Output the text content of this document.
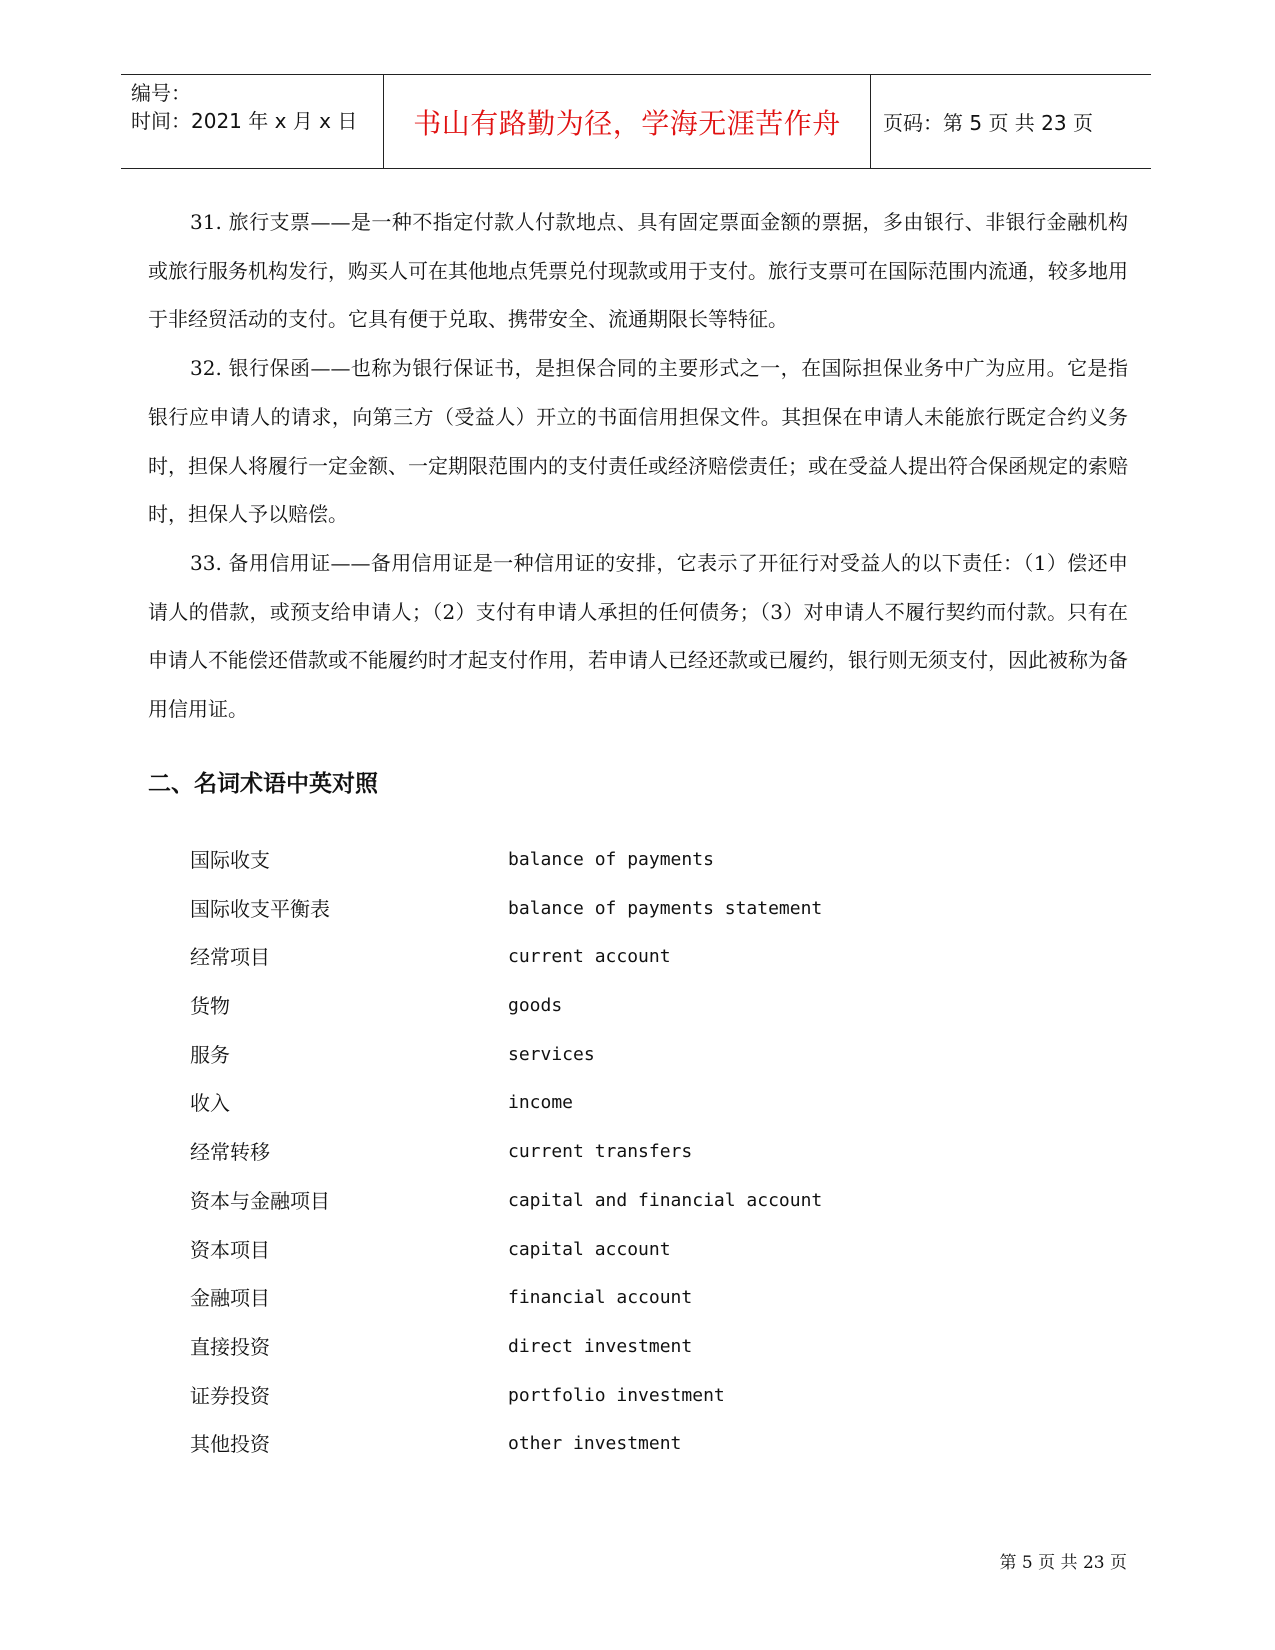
编号：
时间：2021 年 x 月 x 日	书山有路勤为径，学海无涯苦作舟 页码：第 5 页 共 23 页

31. 旅行支票——是一种不指定付款人付款地点、具有固定票面金额的票据，多由银行、非银行金融机构或旅行服务机构发行，购买人可在其他地点凭票兑付现款或用于支付。旅行支票可在国际范围内流通，较多地用于非经贸活动的支付。它具有便于兑取、携带安全、流通期限长等特征。

32. 银行保函——也称为银行保证书，是担保合同的主要形式之一，在国际担保业务中广为应用。它是指银行应申请人的请求，向第三方（受益人）开立的书面信用担保文件。其担保在申请人未能旅行既定合约义务时，担保人将履行一定金额、一定期限范围内的支付责任或经济赔偿责任；或在受益人提出符合保函规定的索赔时，担保人予以赔偿。

33. 备用信用证——备用信用证是一种信用证的安排，它表示了开征行对受益人的以下责任：（1）偿还申请人的借款，或预支给申请人；（2）支付有申请人承担的任何债务；（3）对申请人不履行契约而付款。只有在申请人不能偿还借款或不能履约时才起支付作用，若申请人已经还款或已履约，银行则无须支付，因此被称为备用信用证。

二、名词术语中英对照
国际收支	balance of payments
国际收支平衡表	balance of payments statement
经常项目	current account
货物	goods
服务	services
收入	income
经常转移	current transfers
资本与金融项目	capital and financial account
资本项目	capital account
金融项目	financial account
直接投资	direct investment
证券投资	portfolio investment
其他投资	other investment
第 5 页 共 23 页
